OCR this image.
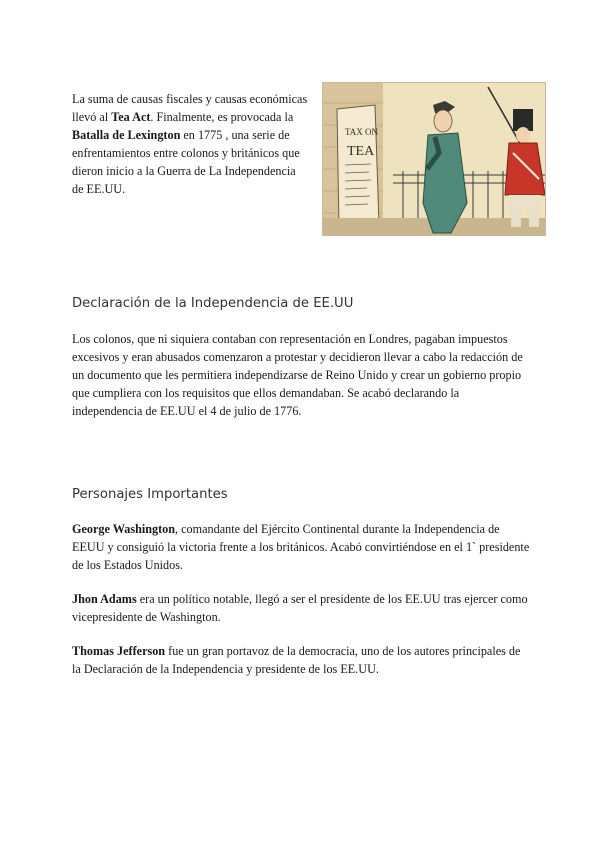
La suma de causas fiscales y causas económicas llevó al Tea Act. Finalmente, es provocada la Batalla de Lexington en 1775 , una serie de enfrentamientos entre colonos y británicos que dieron inicio a la Guerra de La Independencia de EE.UU.
TAX ON
TEA
Declaración de la Independencia de EE.UU
Los colonos, que ni siquiera contaban con representación en Londres, pagaban impuestos excesivos y eran abusados comenzaron a protestar y decidieron llevar a cabo la redacción de un documento que les permitiera independizarse de Reino Unido y crear un gobierno propio que cumpliera con los requisitos que ellos demandaban. Se acabó declarando la independencia de EE.UU el 4 de julio de 1776.
Personajes Importantes
George Washington, comandante del Ejército Continental durante la Independencia de EEUU y consiguió la victoria frente a los británicos. Acabó convirtiéndose en el 1` presidente de los Estados Unidos.
Jhon Adams era un político notable, llegó a ser el presidente de los EE.UU tras ejercer como vicepresidente de Washington.
Thomas Jefferson fue un gran portavoz de la democracia, uno de los autores principales de la Declaración de la Independencia y presidente de los EE.UU.
